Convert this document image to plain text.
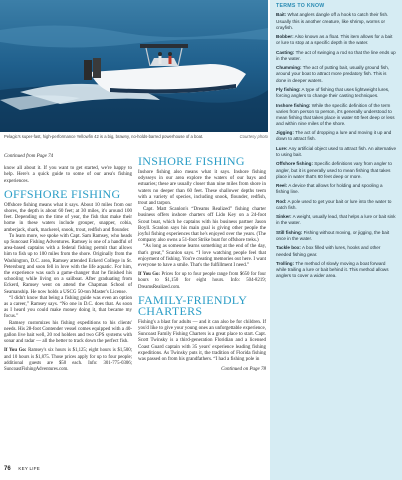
Pelagic's super-fast, high-performance Yellowfin 42 is a big, brawny, no-holds-barred powerhouse of a boat.	Courtesy photo
Continued from Page 74

know all about it. If you want to get started, we're happy to help. Here's a quick guide to some of our area's fishing experiences.

OFFSHORE FISHING

Offshore fishing means what it says. About 10 miles from our shores, the depth is about 60 feet; at 30 miles, it's around 100 feet. Depending on the time of year, the fish that make their home in these waters include grouper, snapper, cobia, amberjack, shark, mackerel, snook, trout, redfish and flounder.

To learn more, we spoke with Capt. Sam Ramsey, who heads up Suncoast Fishing Adventures. Ramsey is one of a handful of area-based captains with a federal fishing permit that allows him to fish up to 100 miles from the shore. Originally from the Washington, D.C. area, Ramsey attended Eckerd College in St. Petersburg and soon fell in love with the life aquatic. For him, the experience was such a game-changer that he finished his schooling while living on a sailboat. After graduating from Eckerd, Ramsey went on attend the Chapman School of Seamanship. He now holds a USCG 50-ton Master's License.

“I didn't know that being a fishing guide was even an option as a career,” Ramsey says. “No one in D.C. does that. As soon as I heard you could make money doing it, that became my focus.”

Ramsey customizes his fishing expeditions to his clients' needs. His 28-foot Contender vessel comes equipped with a 40-gallon live bait well, 20 rod holders and two GPS systems with sonar and radar — all the better to track down the perfect fish.

If You Go: Ramsey's six hours is $1,125; eight hours is $1,500; and 10 hours is $1,875. Those prices apply for up to four people; additional guests are $50 each. Info: 301-775-0306; SuncoastFishingAdventures.com.

INSHORE FISHING

Inshore fishing also means what it says. Inshore fishing odysseys in our area explore the waters of our bays and estuaries; these are usually closer than nine miles from shore in waters no deeper than 60 feet. These shallower depths teem with a variety of species, including snook, flounder, redfish, trout and tarpon.

Capt. Matt Scanlon's “Dreams Realized” fishing charter business offers inshore charters off Lido Key on a 24-foot Scout boat, which he captains with his business partner Jason Boyll. Scanlon says his main goal is giving other people the joyful fishing experiences that he's enjoyed over the years. (The company also owns a 51-foot Strike boat for offshore treks.)

“As long as someone learns something at the end of the day, that's great,” Scanlon says. “I love watching people feel that enjoyment of fishing. You're creating memories out here. I want everyone to have a smile. That's the fulfillment I need.”

If You Go: Prices for up to four people range from $650 for four hours to $1,150 for eight hours. Info: 504-8219; DreamsRealized.com.

FAMILY-FRIENDLY CHARTERS

Fishing's a blast for adults — and it can also be for children. If you'd like to give your young ones an unforgettable experience, Suncoast Family Fishing Charters is a great place to start. Capt. Scott Twinsky is a third-generation Floridian and a licensed Coast Guard captain with 35 years' experience leading fishing expeditions. As Twinsky puts it, the tradition of Florida fishing was passed on from his grandfathers. “I had a fishing pole in

Continued on Page 78
TERMS TO KNOW
Bait: What anglers dangle off a hook to catch their fish. Usually this is another creature, like shrimp, worms or crayfish.
Bobber: Also known as a float. This item allows for a bait or lure to stop at a specific depth in the water.
Casting: The act of swinging a rod so that the line ends up in the water.
Chumming: The act of putting bait, usually ground fish, around your boat to attract more predatory fish. This is done in deeper waters.
Fly fishing: A type of fishing that uses lightweight lures, forcing anglers to change their casting techniques.
Inshore fishing: While the specific definition of the term varies from person to person, it's generally understood to mean fishing that takes place in water 60 feet deep or less and within nine miles of the shore.
Jigging: The act of dropping a lure and moving it up and down to attract fish.
Lure: Any artificial object used to attract fish. An alternative to using bait.
Offshore fishing: Specific definitions vary from angler to angler, but it is generally used to mean fishing that takes place in water that's 60 feet deep or more.
Reel: A device that allows for holding and spooling a fishing line.
Rod: A pole used to get your bait or lure into the water to catch fish.
Sinker: A weight, usually lead, that helps a lure or bait sink in the water.
Still fishing: Fishing without moving, or jigging, the bait once in the water.
Tackle box: A box filled with lures, hooks and other needed fishing gear.
Trolling: The method of slowly moving a boat forward while trailing a lure or bait behind it. This method allows anglers to cover a wider area.
76 KEY LIFE
